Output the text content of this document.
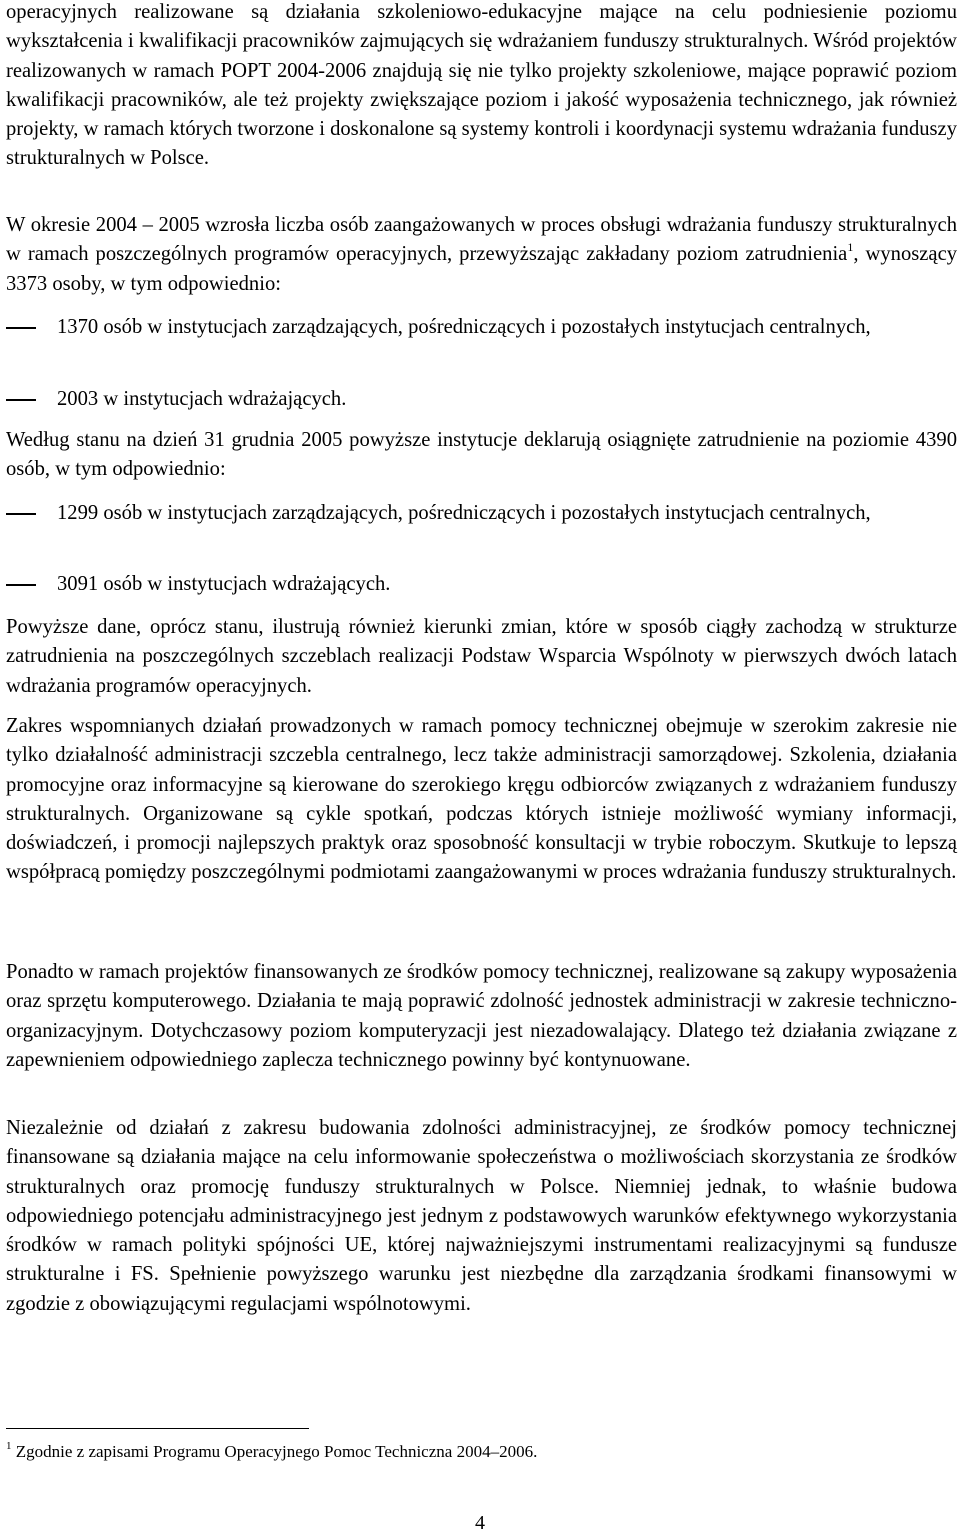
operacyjnych realizowane są działania szkoleniowo-edukacyjne mające na celu podniesienie poziomu wykształcenia i kwalifikacji pracowników zajmujących się wdrażaniem funduszy strukturalnych. Wśród projektów realizowanych w ramach POPT 2004-2006 znajdują się nie tylko projekty szkoleniowe, mające poprawić poziom kwalifikacji pracowników, ale też projekty zwiększające poziom i jakość wyposażenia technicznego, jak również projekty, w ramach których tworzone i doskonalone są systemy kontroli i koordynacji systemu wdrażania funduszy strukturalnych w Polsce.

W okresie 2004 – 2005 wzrosła liczba osób zaangażowanych w proces obsługi wdrażania funduszy strukturalnych w ramach poszczególnych programów operacyjnych, przewyższając zakładany poziom zatrudnienia$^1$, wynoszący 3373 osoby, w tym odpowiednio:

1370 osób w instytucjach zarządzających, pośredniczących i pozostałych instytucjach centralnych,
2003 w instytucjach wdrażających.

Według stanu na dzień 31 grudnia 2005 powyższe instytucje deklarują osiągnięte zatrudnienie na poziomie 4390 osób, w tym odpowiednio:

1299 osób w instytucjach zarządzających, pośredniczących i pozostałych instytucjach centralnych,
3091 osób w instytucjach wdrażających.

Powyższe dane, oprócz stanu, ilustrują również kierunki zmian, które w sposób ciągły zachodzą w strukturze zatrudnienia na poszczególnych szczeblach realizacji Podstaw Wsparcia Wspólnoty w pierwszych dwóch latach wdrażania programów operacyjnych.

Zakres wspomnianych działań prowadzonych w ramach pomocy technicznej obejmuje w szerokim zakresie nie tylko działalność administracji szczebla centralnego, lecz także administracji samorządowej. Szkolenia, działania promocyjne oraz informacyjne są kierowane do szerokiego kręgu odbiorców związanych z wdrażaniem funduszy strukturalnych. Organizowane są cykle spotkań, podczas których istnieje możliwość wymiany informacji, doświadczeń, i promocji najlepszych praktyk oraz sposobność konsultacji w trybie roboczym. Skutkuje to lepszą współpracą pomiędzy poszczególnymi podmiotami zaangażowanymi w proces wdrażania funduszy strukturalnych.

Ponadto w ramach projektów finansowanych ze środków pomocy technicznej, realizowane są zakupy wyposażenia oraz sprzętu komputerowego. Działania te mają poprawić zdolność jednostek administracji w zakresie techniczno-organizacyjnym. Dotychczasowy poziom komputeryzacji jest niezadowalający. Dlatego też działania związane z zapewnieniem odpowiedniego zaplecza technicznego powinny być kontynuowane.

Niezależnie od działań z zakresu budowania zdolności administracyjnej, ze środków pomocy technicznej finansowane są działania mające na celu informowanie społeczeństwa o możliwościach skorzystania ze środków strukturalnych oraz promocję funduszy strukturalnych w Polsce. Niemniej jednak, to właśnie budowa odpowiedniego potencjału administracyjnego jest jednym z podstawowych warunków efektywnego wykorzystania środków w ramach polityki spójności UE, której najważniejszymi instrumentami realizacyjnymi są fundusze strukturalne i FS. Spełnienie powyższego warunku jest niezbędne dla zarządzania środkami finansowymi w zgodzie z obowiązującymi regulacjami wspólnotowymi.

$^1$ Zgodnie z zapisami Programu Operacyjnego Pomoc Techniczna 2004–2006.
4
